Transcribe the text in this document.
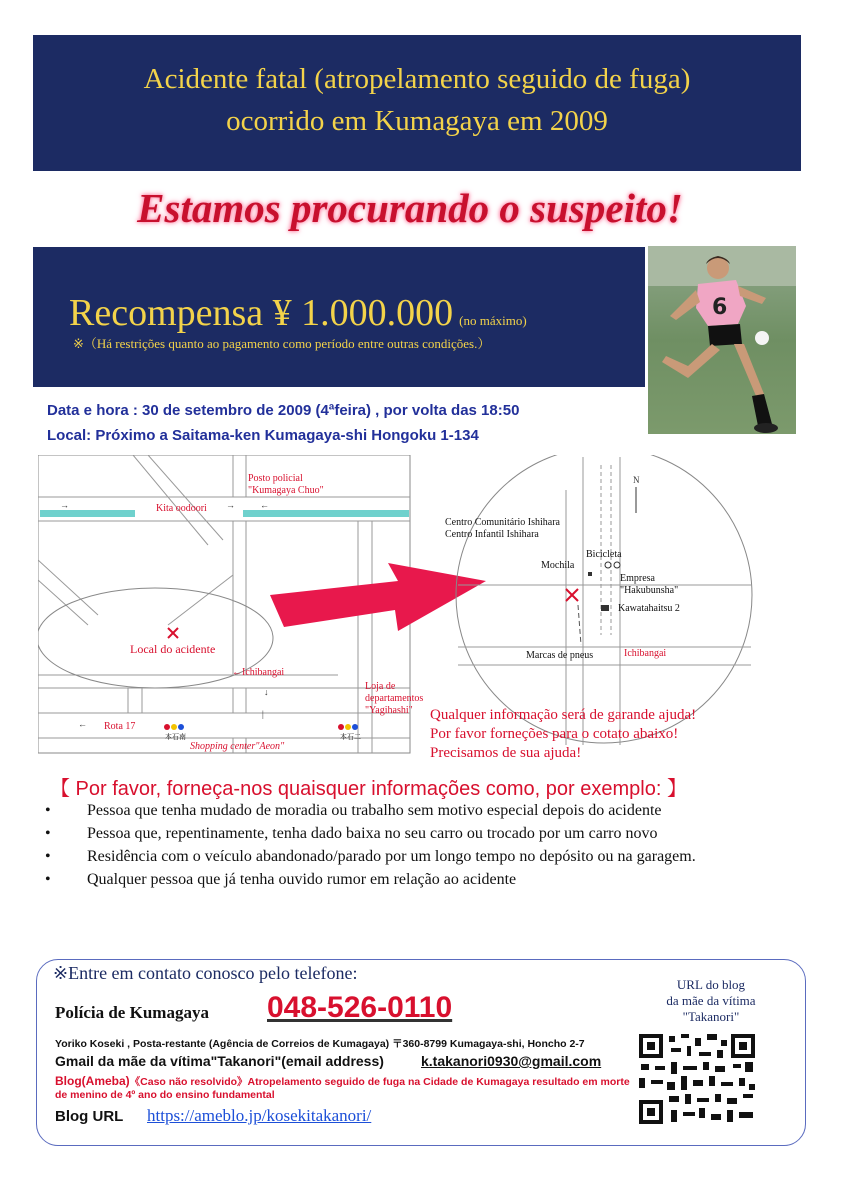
Acidente fatal (atropelamento seguido de fuga)
ocorrido em Kumagaya em 2009
Estamos procurando o suspeito!
Recompensa ¥ 1.000.000 (no máximo)
※（Há restrições quanto ao pagamento como período entre outras condições.）
6
Data e hora : 30 de setembro de 2009 (4ªfeira) , por volta das 18:50
Local: Próximo a Saitama-ken Kumagaya-shi Hongoku 1-134
→	→	←
←
↓
|
N
Posto policial
"Kumagaya Chuo"
Kita oodoori
Local do acidente
←Ichibangai
Loja de
departamentos
"Yagihashi"
Rota 17
Shopping center"Aeon"
本石南	本石二
Centro Comunitário Ishihara
Centro Infantil Ishihara
Bicicleta
Mochila
Empresa
"Hakubunsha"
Kawatahaitsu 2
Marcas de pneus	Ichibangai
Qualquer informação será de garande ajuda!
Por favor forneções para o cotato abaixo!
Precisamos de sua ajuda!
【 Por favor, forneça-nos quaisquer informações como, por exemplo: 】
• Pessoa que tenha mudado de moradia ou trabalho sem motivo especial depois do acidente
• Pessoa que, repentinamente, tenha dado baixa no seu carro ou trocado por um carro novo
• Residência com o veículo abandonado/parado por um longo tempo no depósito ou na garagem.
• Qualquer pessoa que já tenha ouvido rumor em relação ao acidente
※Entre em contato conosco pelo telefone:
Polícia de Kumagaya 048-526-0110
Yoriko Koseki , Posta-restante (Agência de Correios de Kumagaya) 〒360-8799 Kumagaya-shi, Honcho 2-7
Gmail da mãe da vítima"Takanori"(email address)	k.takanori0930@gmail.com
Blog(Ameba)《Caso não resolvido》Atropelamento seguido de fuga na Cidade de Kumagaya resultado em morte
de menino de 4º ano do ensino fundamental
Blog URL https://ameblo.jp/kosekitakanori/
URL do blog
da mãe da vítima
"Takanori"
